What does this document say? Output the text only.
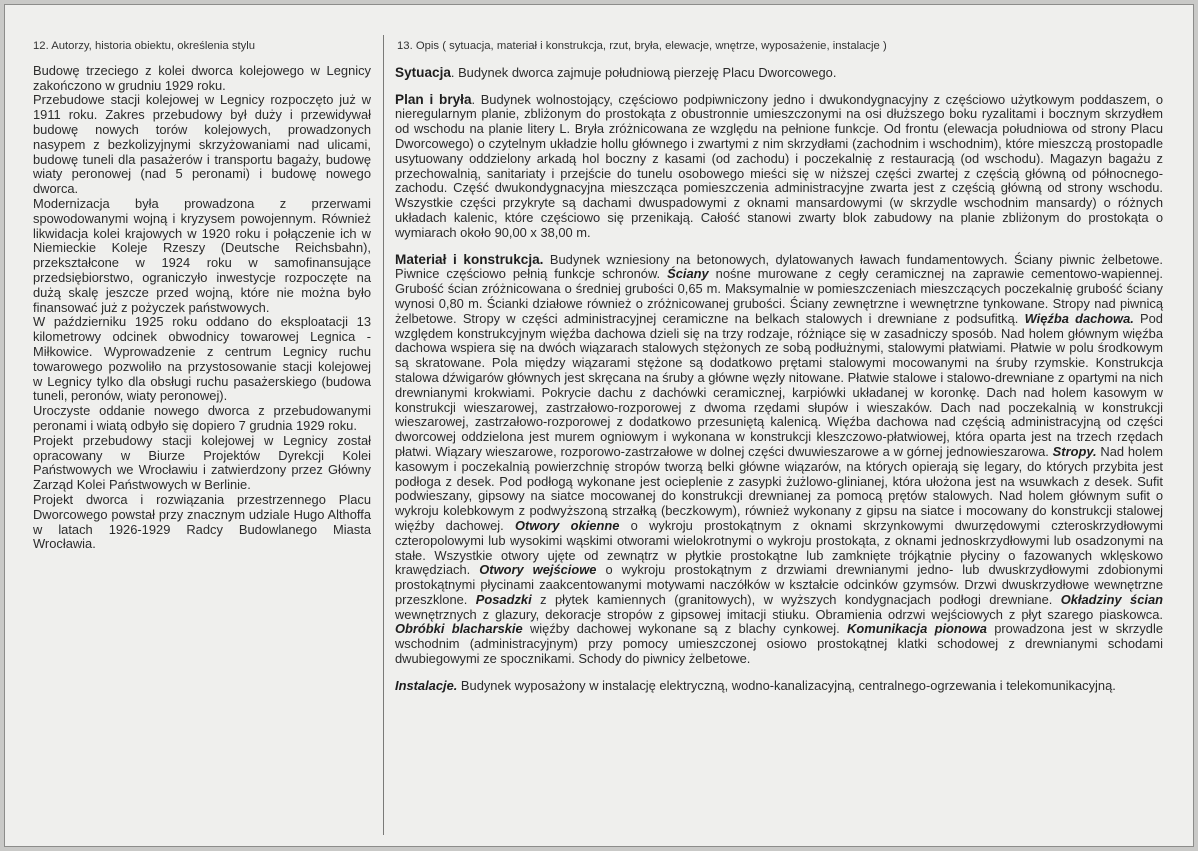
12. Autorzy, historia obiektu, określenia stylu

Budowę trzeciego z kolei dworca kolejowego w Legnicy zakończono w grudniu 1929 roku.

Przebudowe stacji kolejowej w Legnicy rozpoczęto już w 1911 roku. Zakres przebudowy był duży i przewidywał budowę nowych torów kolejowych, prowadzonych nasypem z bezkolizyjnymi skrzyżowaniami nad ulicami, budowę tuneli dla pasażerów i transportu bagaży, budowę wiaty peronowej (nad 5 peronami) i budowę nowego dworca.

Modernizacja była prowadzona z przerwami spowodowanymi wojną i kryzysem powojennym. Również likwidacja kolei krajowych w 1920 roku i połączenie ich w Niemieckie Koleje Rzeszy (Deutsche Reichsbahn), przekształcone w 1924 roku w samofinansujące przedsiębiorstwo, ograniczyło inwestycje rozpoczęte na dużą skalę jeszcze przed wojną, które nie można było finansować już z pożyczek państwowych.

W październiku 1925 roku oddano do eksploatacji 13 kilometrowy odcinek obwodnicy towarowej Legnica - Miłkowice. Wyprowadzenie z centrum Legnicy ruchu towarowego pozwoliło na przystosowanie stacji kolejowej w Legnicy tylko dla obsługi ruchu pasażerskiego (budowa tuneli, peronów, wiaty peronowej).

Uroczyste oddanie nowego dworca z przebudowanymi peronami i wiatą odbyło się dopiero 7 grudnia 1929 roku.

Projekt przebudowy stacji kolejowej w Legnicy został opracowany w Biurze Projektów Dyrekcji Kolei Państwowych we Wrocławiu i zatwierdzony przez Główny Zarząd Kolei Państwowych w Berlinie.

Projekt dworca i rozwiązania przestrzennego Placu Dworcowego powstał przy znacznym udziale Hugo Althoffa w latach 1926-1929 Radcy Budowlanego Miasta Wrocławia.

13. Opis ( sytuacja, materiał i konstrukcja, rzut, bryła, elewacje, wnętrze, wyposażenie, instalacje )

Sytuacja. Budynek dworca zajmuje południową pierzeję Placu Dworcowego.

Plan i bryła. Budynek wolnostojący, częściowo podpiwniczony jedno i dwukondygnacyjny z częściowo użytkowym poddaszem, o nieregularnym planie, zbliżonym do prostokąta z obustronnie umieszczonymi na osi dłuższego boku ryzalitami i bocznym skrzydłem od wschodu na planie litery L. Bryła zróżnicowana ze względu na pełnione funkcje. Od frontu (elewacja południowa od strony Placu Dworcowego) o czytelnym układzie hollu głównego i zwartymi z nim skrzydłami (zachodnim i wschodnim), które mieszczą prostopadle usytuowany oddzielony arkadą hol boczny z kasami (od zachodu) i poczekalnię z restauracją (od wschodu). Magazyn bagażu z przechowalnią, sanitariaty i przejście do tunelu osobowego mieści się w niższej części zwartej z częścią główną od północnego-zachodu. Część dwukondygnacyjna mieszcząca pomieszczenia administracyjne zwarta jest z częścią główną od strony wschodu. Wszystkie części przykryte są dachami dwuspadowymi z oknami mansardowymi (w skrzydle wschodnim mansardy) o różnych układach kalenic, które częściowo się przenikają. Całość stanowi zwarty blok zabudowy na planie zbliżonym do prostokąta o wymiarach około 90,00 x 38,00 m.

Materiał i konstrukcja. Budynek wzniesiony na betonowych, dylatowanych ławach fundamentowych. Ściany piwnic żelbetowe. Piwnice częściowo pełnią funkcje schronów. Ściany nośne murowane z cegły ceramicznej na zaprawie cementowo-wapiennej. Grubość ścian zróżnicowana o średniej grubości 0,65 m. Maksymalnie w pomieszczeniach mieszczących poczekalnię grubość ściany wynosi 0,80 m. Ścianki działowe również o zróżnicowanej grubości. Ściany zewnętrzne i wewnętrzne tynkowane. Stropy nad piwnicą żelbetowe. Stropy w części administracyjnej ceramiczne na belkach stalowych i drewniane z podsufitką. Więźba dachowa. Pod względem konstrukcyjnym więźba dachowa dzieli się na trzy rodzaje, różniące się w zasadniczy sposób. Nad holem głównym więźba dachowa wspiera się na dwóch wiązarach stalowych stężonych ze sobą podłużnymi, stalowymi płatwiami. Płatwie w polu środkowym są skratowane. Pola między wiązarami stężone są dodatkowo prętami stalowymi mocowanymi na śruby rzymskie. Konstrukcja stalowa dźwigarów głównych jest skręcana na śruby a główne węzły nitowane. Płatwie stalowe i stalowo-drewniane z opartymi na nich drewnianymi krokwiami. Pokrycie dachu z dachówki ceramicznej, karpiówki układanej w koronkę. Dach nad holem kasowym w konstrukcji wieszarowej, zastrzałowo-rozporowej z dwoma rzędami słupów i wieszaków. Dach nad poczekalnią w konstrukcji wieszarowej, zastrzałowo-rozporowej z dodatkowo przesuniętą kalenicą. Więźba dachowa nad częścią administracyjną od części dworcowej oddzielona jest murem ogniowym i wykonana w konstrukcji kleszczowo-płatwiowej, która oparta jest na trzech rzędach płatwi. Wiązary wieszarowe, rozporowo-zastrzałowe w dolnej części dwuwieszarowe a w górnej jednowieszarowa. Stropy. Nad holem kasowym i poczekalnią powierzchnię stropów tworzą belki główne wiązarów, na których opierają się legary, do których przybita jest podłoga z desek. Pod podłogą wykonane jest ocieplenie z zasypki żużlowo-glinianej, która ułożona jest na wsuwkach z desek. Sufit podwieszany, gipsowy na siatce mocowanej do konstrukcji drewnianej za pomocą prętów stalowych. Nad holem głównym sufit o wykroju kolebkowym z podwyższoną strzałką (beczkowym), również wykonany z gipsu na siatce i mocowany do konstrukcji stalowej więźby dachowej. Otwory okienne o wykroju prostokątnym z oknami skrzynkowymi dwurzędowymi czteroskrzydłowymi czteropolowymi lub wysokimi wąskimi otworami wielokrotnymi o wykroju prostokąta, z oknami jednoskrzydłowymi lub osadzonymi na stałe. Wszystkie otwory ujęte od zewnątrz w płytkie prostokątne lub zamknięte trójkątnie płyciny o fazowanych wklęskowo krawędziach. Otwory wejściowe o wykroju prostokątnym z drzwiami drewnianymi jedno- lub dwuskrzydłowymi zdobionymi prostokątnymi płycinami zaakcentowanymi motywami naczółków w kształcie odcinków gzymsów. Drzwi dwuskrzydłowe wewnętrzne przeszklone. Posadzki z płytek kamiennych (granitowych), w wyższych kondygnacjach podłogi drewniane. Okładziny ścian wewnętrznych z glazury, dekoracje stropów z gipsowej imitacji stiuku. Obramienia odrzwi wejściowych z płyt szarego piaskowca. Obróbki blacharskie więźby dachowej wykonane są z blachy cynkowej. Komunikacja pionowa prowadzona jest w skrzydle wschodnim (administracyjnym) przy pomocy umieszczonej osiowo prostokątnej klatki schodowej z drewnianymi schodami dwubiegowymi ze spocznikami. Schody do piwnicy żelbetowe.

Instalacje. Budynek wyposażony w instalację elektryczną, wodno-kanalizacyjną, centralnego-ogrzewania i telekomunikacyjną.
